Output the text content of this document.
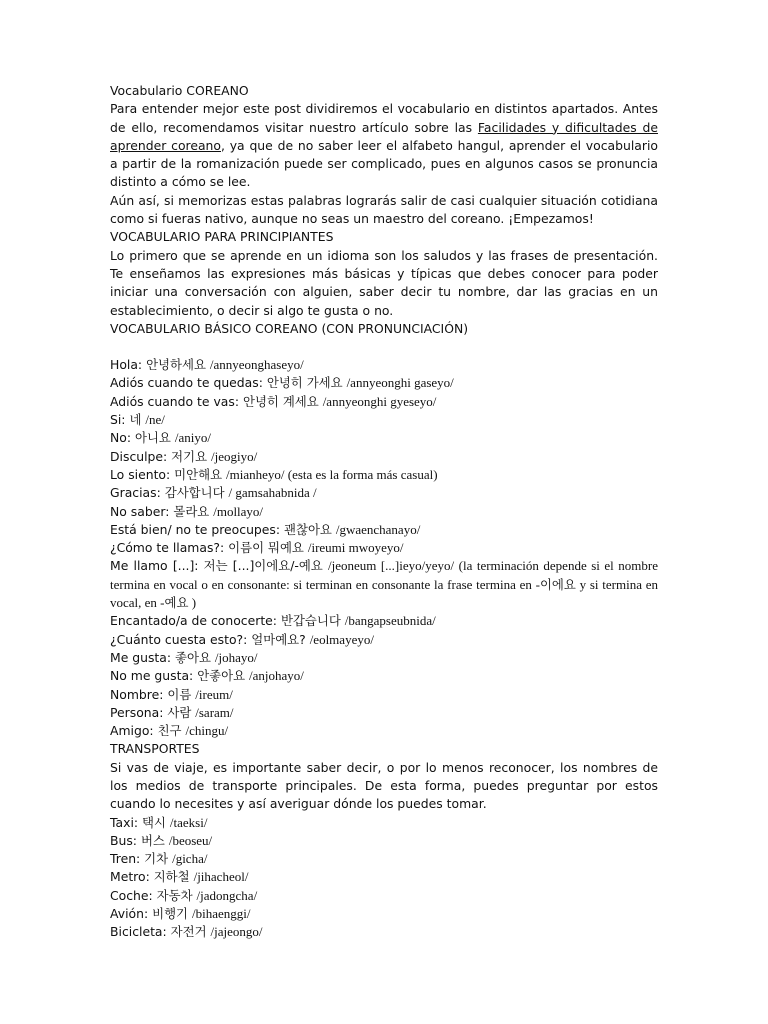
Vocabulario COREANO

Para entender mejor este post dividiremos el vocabulario en distintos apartados. Antes de ello, recomendamos visitar nuestro artículo sobre las Facilidades y dificultades de aprender coreano, ya que de no saber leer el alfabeto hangul, aprender el vocabulario a partir de la romanización puede ser complicado, pues en algunos casos se pronuncia distinto a cómo se lee.

Aún así, si memorizas estas palabras lograrás salir de casi cualquier situación cotidiana como si fueras nativo, aunque no seas un maestro del coreano. ¡Empezamos!

VOCABULARIO PARA PRINCIPIANTES

Lo primero que se aprende en un idioma son los saludos y las frases de presentación. Te enseñamos las expresiones más básicas y típicas que debes conocer para poder iniciar una conversación con alguien, saber decir tu nombre, dar las gracias en un establecimiento, o decir si algo te gusta o no.

VOCABULARIO BÁSICO COREANO (CON PRONUNCIACIÓN)

Hola: 안녕하세요 /annyeonghaseyo/

Adiós cuando te quedas: 안녕히 가세요 /annyeonghi gaseyo/

Adiós cuando te vas: 안녕히 계세요 /annyeonghi gyeseyo/

Si: 네 /ne/

No: 아니요 /aniyo/

Disculpe: 저기요 /jeogiyo/

Lo siento: 미안해요 /mianheyo/ (esta es la forma más casual)

Gracias: 감사합니다 / gamsahabnida /

No saber: 몰라요 /mollayo/

Está bien/ no te preocupes: 괜찮아요 /gwaenchanayo/

¿Cómo te llamas?: 이름이 뭐예요 /ireumi mwoyeyo/

Me llamo [...]: 저는 [...]이에요/-예요 /jeoneum [...]ieyo/yeyo/ (la terminación depende si el nombre termina en vocal o en consonante: si terminan en consonante la frase termina en -이에요 y si termina en vocal, en -예요 )

Encantado/a de conocerte: 반갑습니다 /bangapseubnida/

¿Cuánto cuesta esto?: 얼마예요? /eolmayeyo/

Me gusta: 좋아요 /johayo/

No me gusta: 안좋아요 /anjohayo/

Nombre: 이름 /ireum/

Persona: 사람 /saram/

Amigo: 친구 /chingu/

TRANSPORTES

Si vas de viaje, es importante saber decir, o por lo menos reconocer, los nombres de los medios de transporte principales. De esta forma, puedes preguntar por estos cuando lo necesites y así averiguar dónde los puedes tomar.

Taxi: 택시 /taeksi/

Bus: 버스 /beoseu/

Tren: 기차 /gicha/

Metro: 지하철 /jihacheol/

Coche: 자동차 /jadongcha/

Avión: 비행기 /bihaenggi/

Bicicleta: 자전거 /jajeongo/
